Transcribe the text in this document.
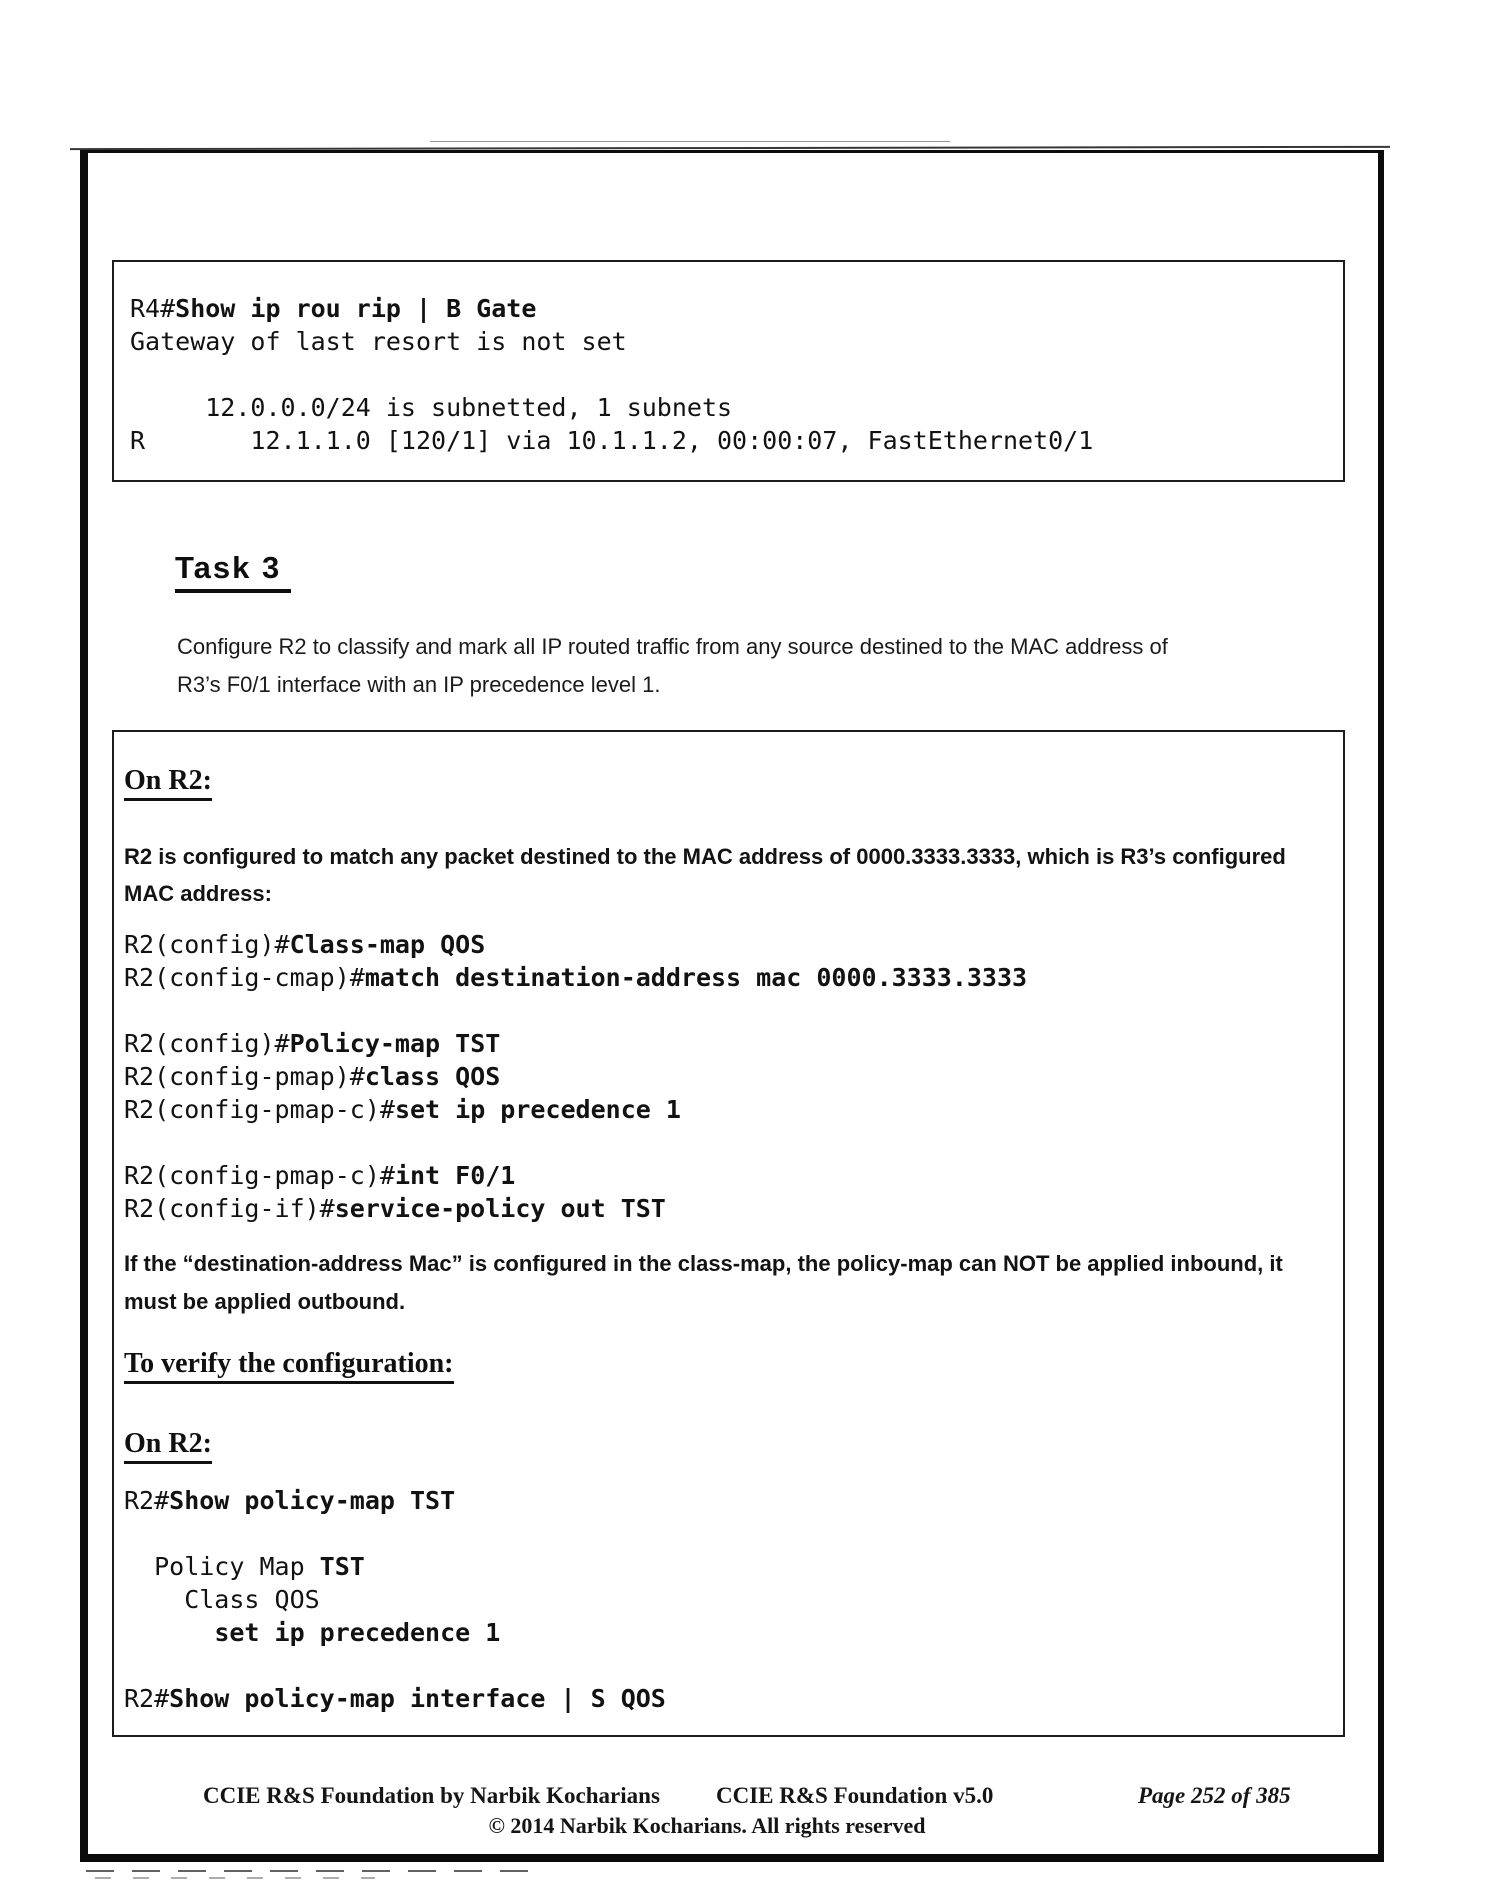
R4#Show ip rou rip | B Gate
Gateway of last resort is not set

12.0.0.0/24 is subnetted, 1 subnets
R       12.1.1.0 [120/1] via 10.1.1.2, 00:00:07, FastEthernet0/1
Task 3
Configure R2 to classify and mark all IP routed traffic from any source destined to the MAC address of R3’s F0/1 interface with an IP precedence level 1.
On R2:
R2 is configured to match any packet destined to the MAC address of 0000.3333.3333, which is R3’s configured MAC address:
R2(config)#Class-map QOS
R2(config-cmap)#match destination-address mac 0000.3333.3333

R2(config)#Policy-map TST
R2(config-pmap)#class QOS
R2(config-pmap-c)#set ip precedence 1

R2(config-pmap-c)#int F0/1
R2(config-if)#service-policy out TST
If the “destination-address Mac” is configured in the class-map, the policy-map can NOT be applied inbound, it must be applied outbound.
To verify the configuration:
On R2:
R2#Show policy-map TST

Policy Map TST
Class QOS
set ip precedence 1

R2#Show policy-map interface | S QOS
CCIE R&S Foundation by Narbik Kocharians CCIE R&S Foundation v5.0	Page 252 of 385
© 2014 Narbik Kocharians. All rights reserved
